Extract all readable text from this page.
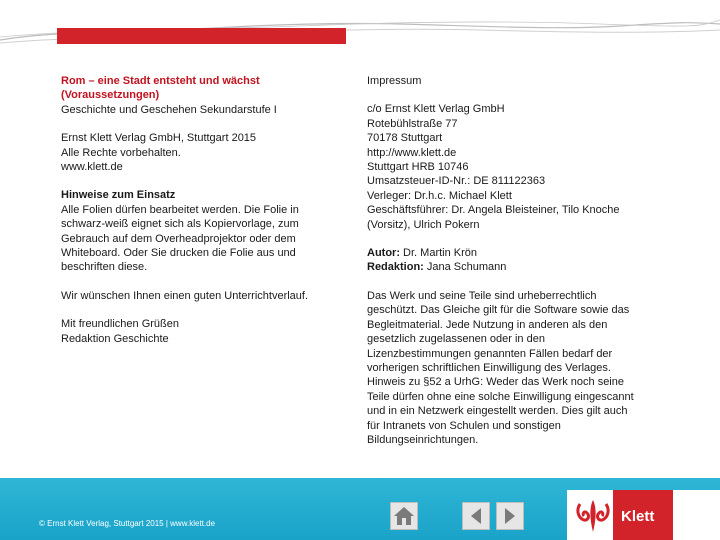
Rom – eine Stadt entsteht und wächst
(Voraussetzungen)
Geschichte und Geschehen Sekundarstufe I
Ernst Klett Verlag GmbH, Stuttgart 2015
Alle Rechte vorbehalten.
www.klett.de
Hinweise zum Einsatz
Alle Folien dürfen bearbeitet werden. Die Folie in
schwarz-weiß eignet sich als Kopiervorlage, zum
Gebrauch auf dem Overheadprojektor oder dem
Whiteboard. Oder Sie drucken die Folie aus und
beschriften diese.
Wir wünschen Ihnen einen guten Unterrichtverlauf.
Mit freundlichen Grüßen
Redaktion Geschichte
Impressum
c/o Ernst Klett Verlag GmbH
Rotebühlstraße 77
70178 Stuttgart
http://www.klett.de
Stuttgart HRB 10746
Umsatzsteuer-ID-Nr.: DE 811122363
Verleger: Dr.h.c. Michael Klett
Geschäftsführer: Dr. Angela Bleisteiner, Tilo Knoche
(Vorsitz), Ulrich Pokern
Autor: Dr. Martin Krön
Redaktion: Jana Schumann
Das Werk und seine Teile sind urheberrechtlich
geschützt. Das Gleiche gilt für die Software sowie das
Begleitmaterial. Jede Nutzung in anderen als den
gesetzlich zugelassenen oder in den
Lizenzbestimmungen genannten Fällen bedarf der
vorherigen schriftlichen Einwilligung des Verlages.
Hinweis zu §52 a UrhG: Weder das Werk noch seine
Teile dürfen ohne eine solche Einwilligung eingescannt
und in ein Netzwerk eingestellt werden. Dies gilt auch
für Intranets von Schulen und sonstigen
Bildungseinrichtungen.
© Ernst Klett Verlag, Stuttgart 2015 | www.klett.de	Klett
